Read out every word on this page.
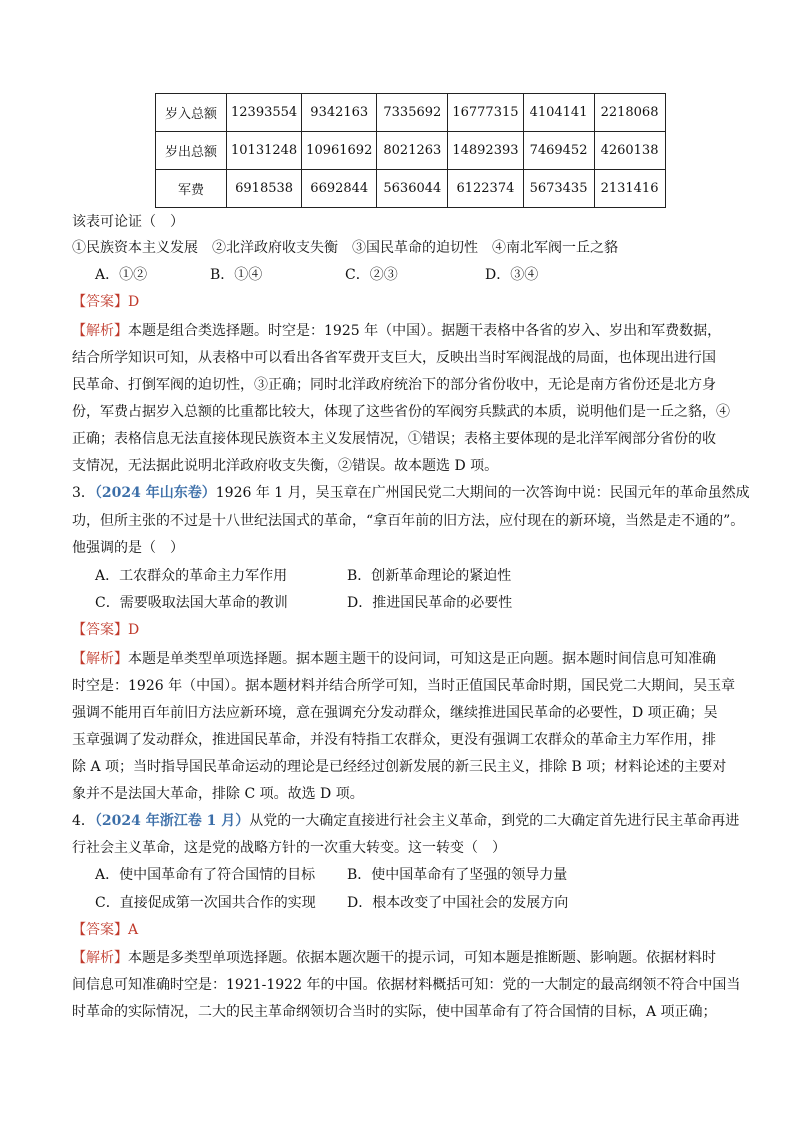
岁入总额	12393554	9342163	7335692	16777315	4104141	2218068
岁出总额	10131248	10961692	8021263	14892393	7469452	4260138
军费	6918538	6692844	5636044	6122374	5673435	2131416
该表可论证（　）
①民族资本主义发展　②北洋政府收支失衡　③国民革命的迫切性　④南北军阀一丘之貉
A．①②	B．①④	C．②③	D．③④
【答案】D
【解析】本题是组合类选择题。时空是：1925 年（中国）。据题干表格中各省的岁入、岁出和军费数据，
结合所学知识可知，从表格中可以看出各省军费开支巨大，反映出当时军阀混战的局面，也体现出进行国
民革命、打倒军阀的迫切性，③正确；同时北洋政府统治下的部分省份收中，无论是南方省份还是北方身
份，军费占据岁入总额的比重都比较大，体现了这些省份的军阀穷兵黩武的本质，说明他们是一丘之貉，④
正确；表格信息无法直接体现民族资本主义发展情况，①错误；表格主要体现的是北洋军阀部分省份的收
支情况，无法据此说明北洋政府收支失衡，②错误。故本题选 D 项。
3．（2024 年山东卷）1926 年 1 月，吴玉章在广州国民党二大期间的一次答询中说：民国元年的革命虽然成
功，但所主张的不过是十八世纪法国式的革命，“拿百年前的旧方法，应付现在的新环境，当然是走不通的”。
他强调的是（　）
A．工农群众的革命主力军作用	B．创新革命理论的紧迫性
C．需要吸取法国大革命的教训	D．推进国民革命的必要性
【答案】D
【解析】本题是单类型单项选择题。据本题主题干的设问词，可知这是正向题。据本题时间信息可知准确
时空是：1926 年（中国）。据本题材料并结合所学可知，当时正值国民革命时期，国民党二大期间，吴玉章
强调不能用百年前旧方法应新环境，意在强调充分发动群众，继续推进国民革命的必要性，D 项正确；吴
玉章强调了发动群众，推进国民革命，并没有特指工农群众，更没有强调工农群众的革命主力军作用，排
除 A 项；当时指导国民革命运动的理论是已经经过创新发展的新三民主义，排除 B 项；材料论述的主要对
象并不是法国大革命，排除 C 项。故选 D 项。
4．（2024 年浙江卷 1 月）从党的一大确定直接进行社会主义革命，到党的二大确定首先进行民主革命再进
行社会主义革命，这是党的战略方针的一次重大转变。这一转变（　）
A．使中国革命有了符合国情的目标 B．使中国革命有了坚强的领导力量
C．直接促成第一次国共合作的实现 D．根本改变了中国社会的发展方向
【答案】A
【解析】本题是多类型单项选择题。依据本题次题干的提示词，可知本题是推断题、影响题。依据材料时
间信息可知准确时空是：1921-1922 年的中国。依据材料概括可知：党的一大制定的最高纲领不符合中国当
时革命的实际情况，二大的民主革命纲领切合当时的实际，使中国革命有了符合国情的目标，A 项正确；
